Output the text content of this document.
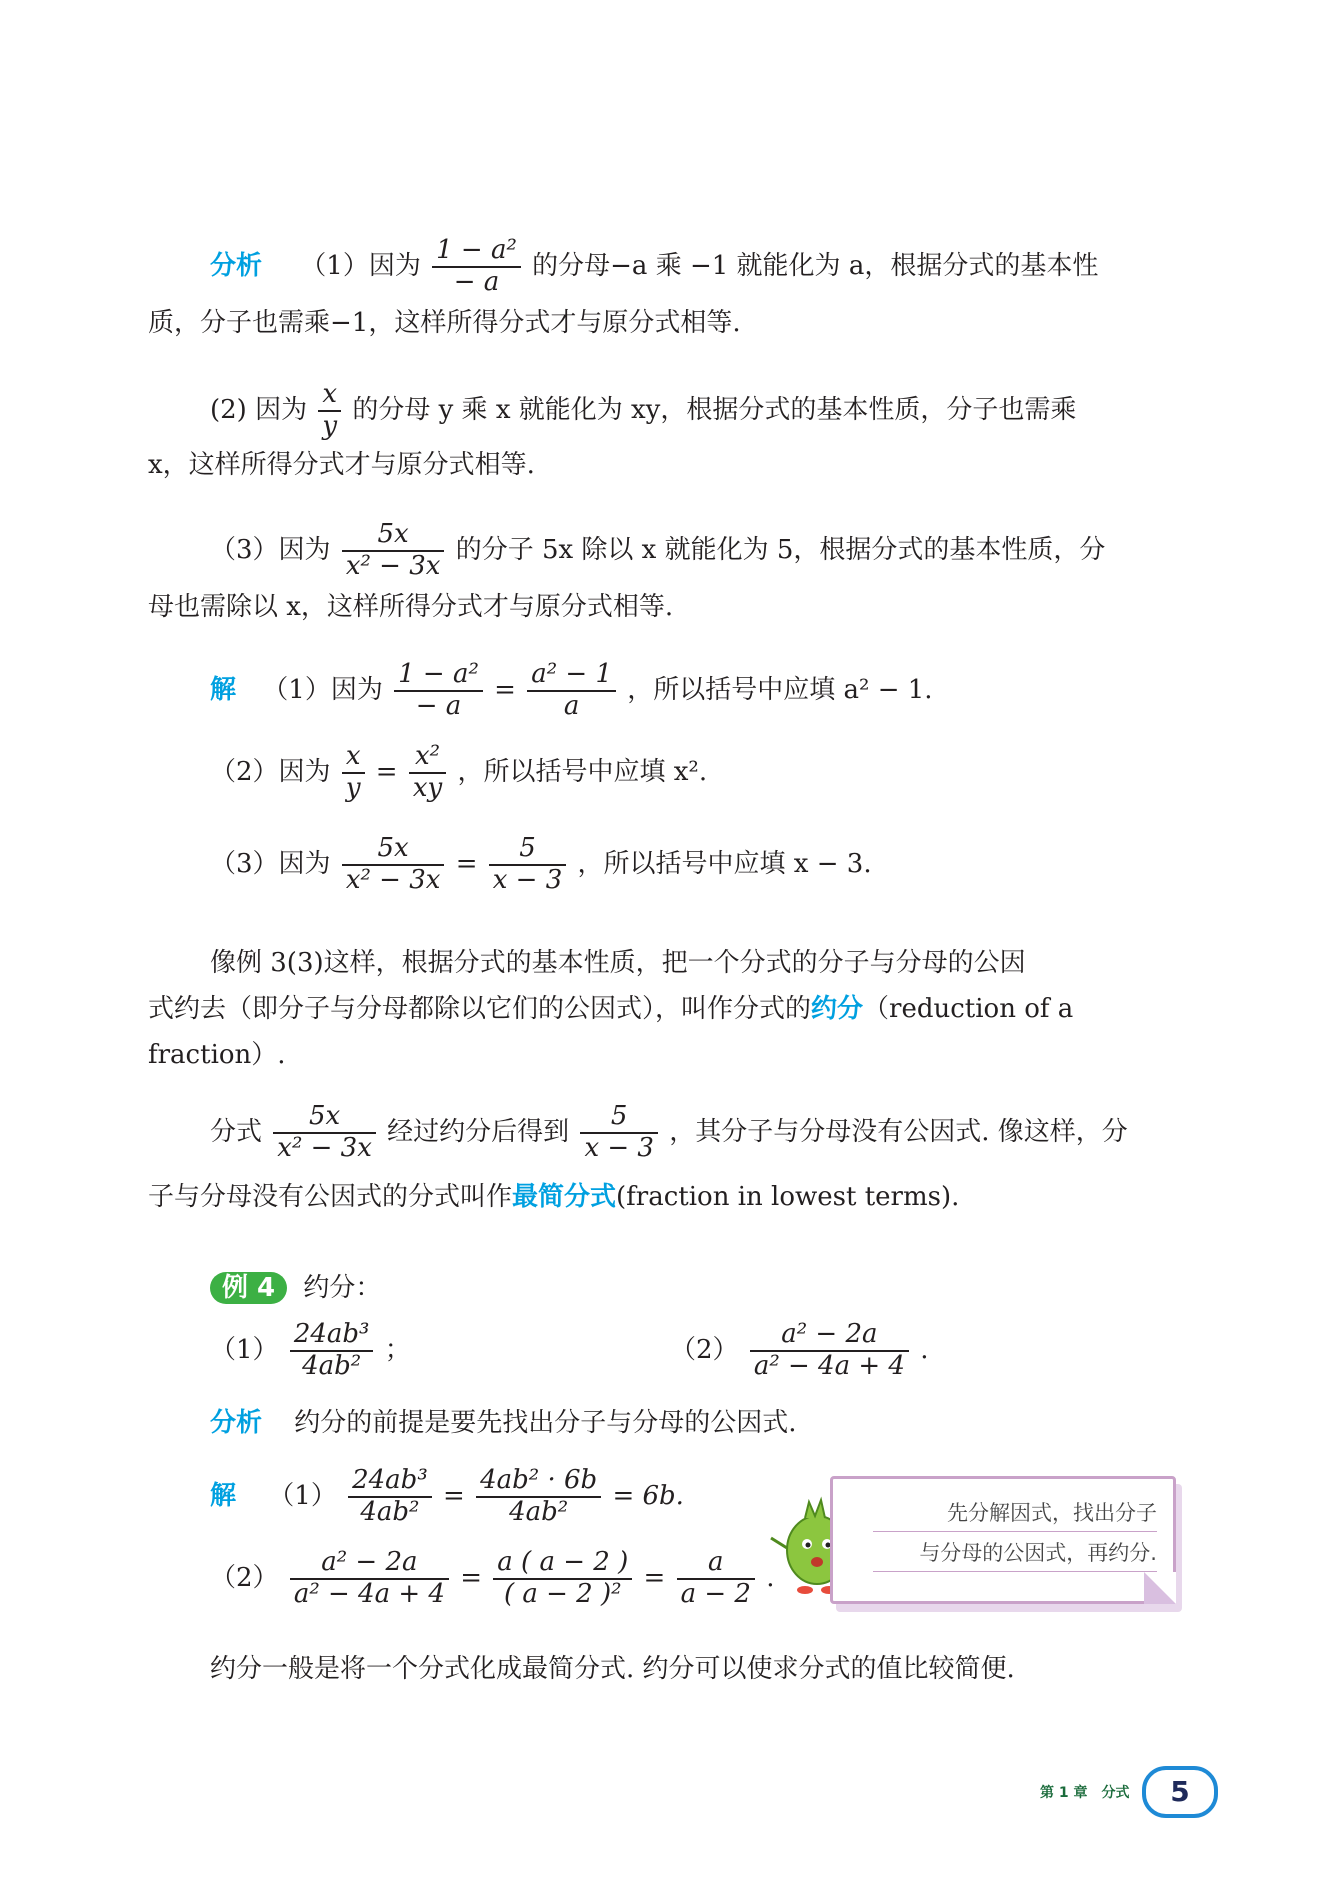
分析 （1）因为 $\frac{\text{1 − a²}}{- a}$ 的分母−a 乘 −1 就能化为 a，根据分式的基本性
质，分子也需乘−1，这样所得分式才与原分式相等.
(2) 因为 $\frac{x}{y}$ 的分母 y 乘 x 就能化为 xy，根据分式的基本性质，分子也需乘
x，这样所得分式才与原分式相等.
（3）因为 $\frac{5x}{\text{x² − 3x}}$ 的分子 5x 除以 x 就能化为 5，根据分式的基本性质，分
母也需除以 x，这样所得分式才与原分式相等.
解 （1）因为 $\frac{\text{1 − a²}}{- a} = \frac{\text{a² − 1}}{a}$ ，所以括号中应填 a² − 1.
（2）因为 $\frac{x}{y} = \frac{\text{x²}}{xy}$ ，所以括号中应填 x².
（3）因为 $\frac{5x}{\text{x² − 3x}} = \frac{5}{x - 3}$ ，所以括号中应填 x − 3.
像例 3(3)这样，根据分式的基本性质，把一个分式的分子与分母的公因
式约去（即分子与分母都除以它们的公因式），叫作分式的约分（reduction of a
fraction）.
分式 $\frac{5x}{\text{x² − 3x}}$ 经过约分后得到 $\frac{5}{x - 3}$ ，其分子与分母没有公因式. 像这样，分
子与分母没有公因式的分式叫作最简分式(fraction in lowest terms).
例 4 约分：
$(1) \frac{\text{24ab³}}{\text{4ab²}}$ ；	$(2) \frac{\text{a² − 2a}}{\text{a² − 4a + 4}}$ .
分析 约分的前提是要先找出分子与分母的公因式.
解 $(1) \frac{\text{24ab³}}{\text{4ab²}} = \frac{\text{4ab² · 6b}}{\text{4ab²}} = 6b$.
$(2) \frac{\text{a² − 2a}}{\text{a² − 4a + 4}} = \frac{a ( a - 2 )}{\text{( a − 2 )²}} = \frac{a}{a - 2}$ .
先分解因式，找出分子
与分母的公因式，再约分.
约分一般是将一个分式化成最简分式. 约分可以使求分式的值比较简便.
第 1 章　分式	5
